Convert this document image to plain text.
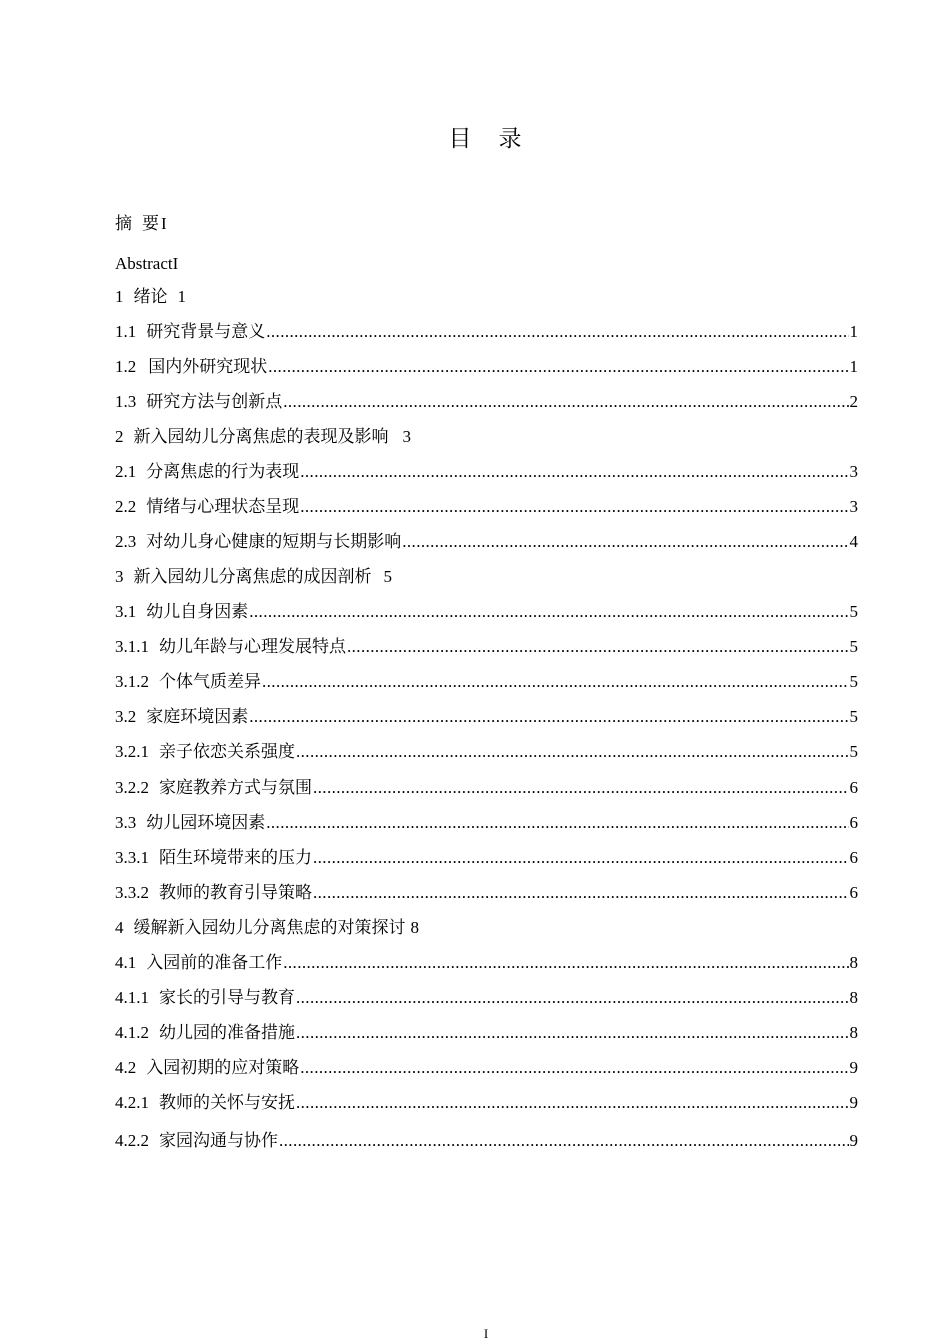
目　录
摘 要 I
Abstract I
1 绪论 1
1.1 研究背景与意义 .....	1
1.2 国内外研究现状 .....	1
1.3 研究方法与创新点 .....	2
2 新入园幼儿分离焦虑的表现及影响 3
2.1 分离焦虑的行为表现 .....	3
2.2 情绪与心理状态呈现 .....	3
2.3 对幼儿身心健康的短期与长期影响 .....	4
3 新入园幼儿分离焦虑的成因剖析 5
3.1 幼儿自身因素 .....	5
3.1.1 幼儿年龄与心理发展特点 .....	5
3.1.2 个体气质差异 .....	5
3.2 家庭环境因素 .....	5
3.2.1 亲子依恋关系强度 .....	5
3.2.2 家庭教养方式与氛围 .....	6
3.3 幼儿园环境因素 .....	6
3.3.1 陌生环境带来的压力 .....	6
3.3.2 教师的教育引导策略 .....	6
4 缓解新入园幼儿分离焦虑的对策探讨 8
4.1 入园前的准备工作 .....	8
4.1.1 家长的引导与教育 .....	8
4.1.2 幼儿园的准备措施 .....	8
4.2 入园初期的应对策略 .....	9
4.2.1 教师的关怀与安抚 .....	9
4.2.2 家园沟通与协作 .....	9
I
